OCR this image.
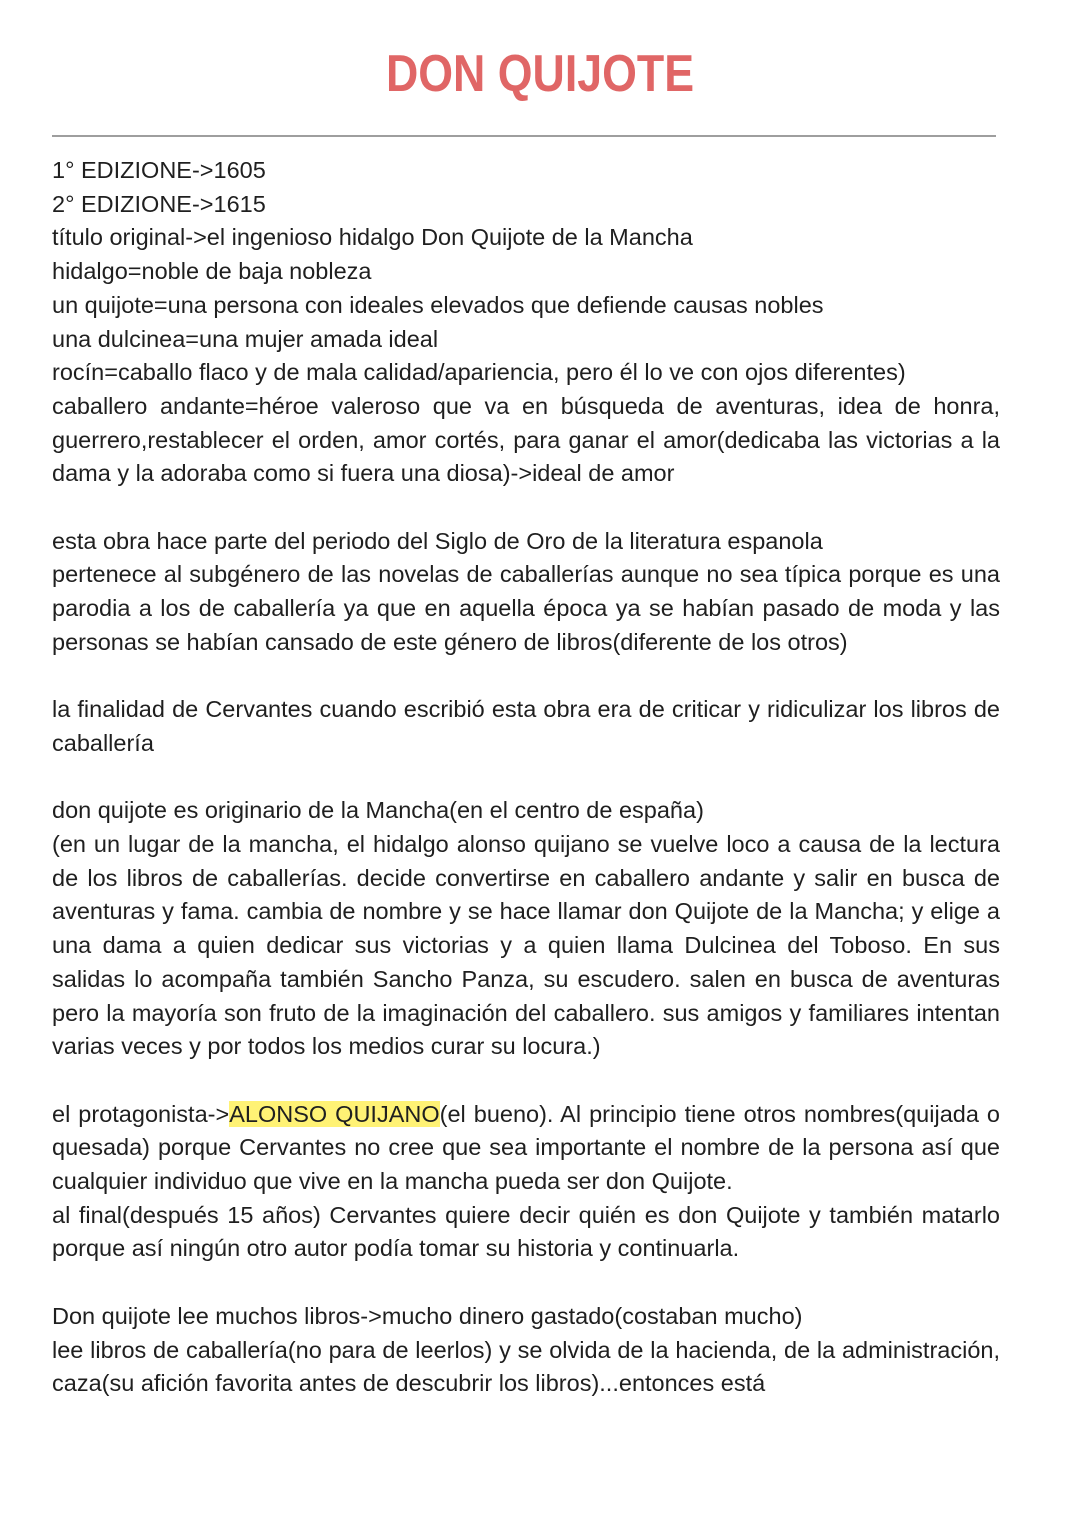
DON QUIJOTE

1° EDIZIONE->1605

2° EDIZIONE->1615

título original->el ingenioso hidalgo Don Quijote de la Mancha

hidalgo=noble de baja nobleza

un quijote=una persona con ideales elevados que defiende causas nobles

una dulcinea=una mujer amada ideal

rocín=caballo flaco y de mala calidad/apariencia, pero él lo ve con ojos diferentes)

caballero andante=héroe valeroso que va en búsqueda de aventuras, idea de honra, guerrero,restablecer el orden, amor cortés, para ganar el amor(dedicaba las victorias a la dama y la adoraba como si fuera una diosa)->ideal de amor

esta obra hace parte del periodo del Siglo de Oro de la literatura espanola

pertenece al subgénero de las novelas de caballerías aunque no sea típica porque es una parodia a los de caballería ya que en aquella época ya se habían pasado de moda y las personas se habían cansado de este género de libros(diferente de los otros)

la finalidad de Cervantes cuando escribió esta obra era de criticar y ridiculizar los libros de caballería

don quijote es originario de la Mancha(en el centro de españa)

(en un lugar de la mancha, el hidalgo alonso quijano se vuelve loco a causa de la lectura de los libros de caballerías. decide convertirse en caballero andante y salir en busca de aventuras y fama. cambia de nombre y se hace llamar don Quijote de la Mancha; y elige a una dama a quien dedicar sus victorias y a quien llama Dulcinea del Toboso. En sus salidas lo acompaña también Sancho Panza, su escudero. salen en busca de aventuras pero la mayoría son fruto de la imaginación del caballero. sus amigos y familiares intentan varias veces y por todos los medios curar su locura.)

el protagonista->ALONSO QUIJANO(el bueno). Al principio tiene otros nombres(quijada o quesada) porque Cervantes no cree que sea importante el nombre de la persona así que cualquier individuo que vive en la mancha pueda ser don Quijote.

al final(después 15 años) Cervantes quiere decir quién es don Quijote y también matarlo porque así ningún otro autor podía tomar su historia y continuarla.

Don quijote lee muchos libros->mucho dinero gastado(costaban mucho)

lee libros de caballería(no para de leerlos) y se olvida de la hacienda, de la administración, caza(su afición favorita antes de descubrir los libros)...entonces está
